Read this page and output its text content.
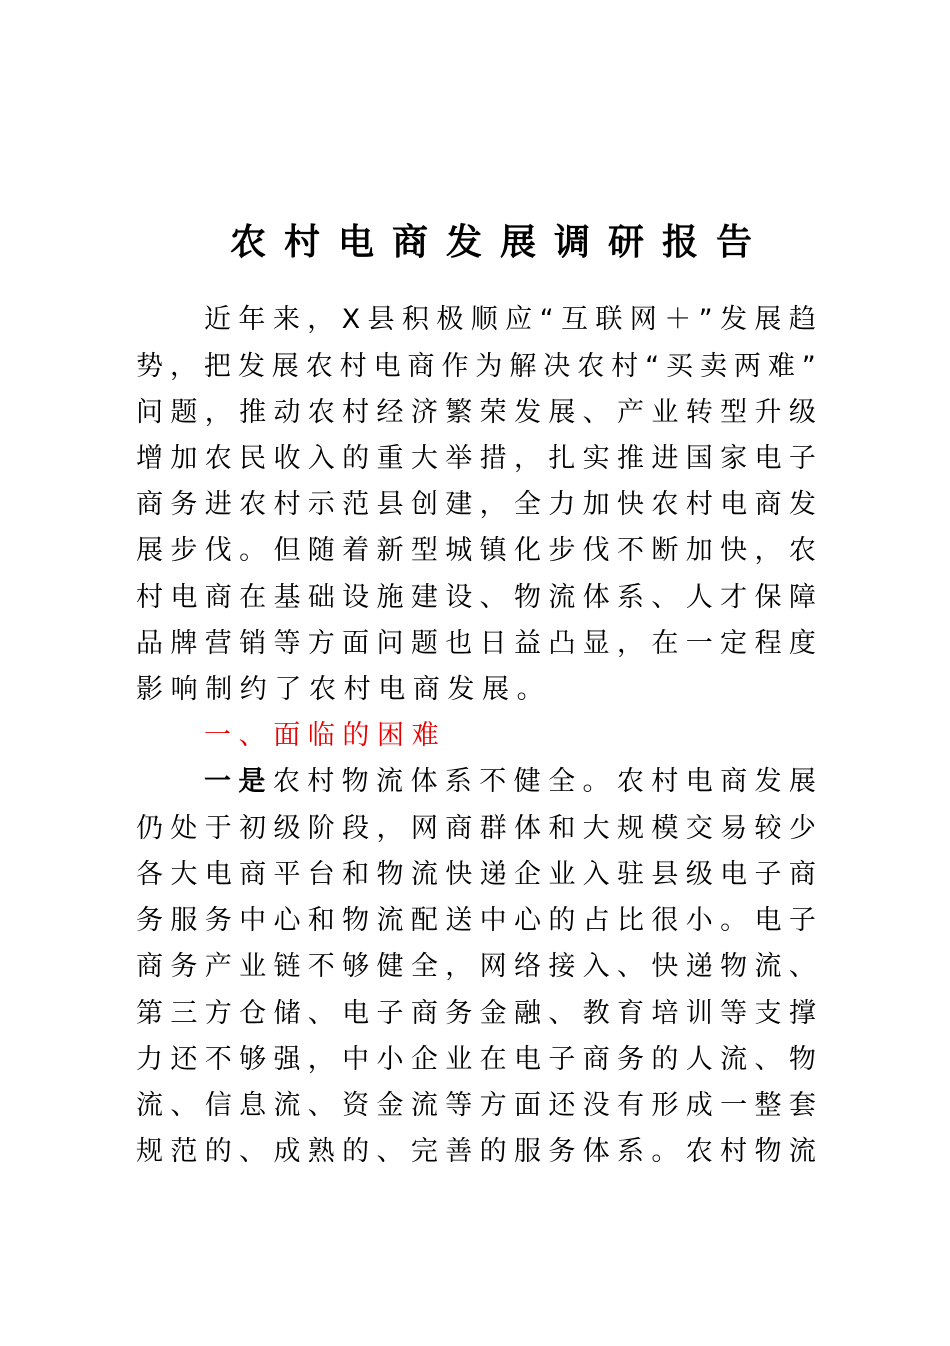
农村电商发展调研报告
近 年 来 ， X 县 积 极 顺 应 “ 互 联 网 ＋ ” 发 展 趋
势 ， 把 发 展 农 村 电 商 作 为 解 决 农 村 “ 买 卖 两 难 ”
问 题 ， 推 动 农 村 经 济 繁 荣 发 展 、 产 业 转 型 升 级
增 加 农 民 收 入 的 重 大 举 措 ， 扎 实 推 进 国 家 电 子
商 务 进 农 村 示 范 县 创 建 ， 全 力 加 快 农 村 电 商 发
展 步 伐 。 但 随 着 新 型 城 镇 化 步 伐 不 断 加 快 ， 农
村 电 商 在 基 础 设 施 建 设 、 物 流 体 系 、 人 才 保 障
品 牌 营 销 等 方 面 问 题 也 日 益 凸 显 ， 在 一 定 程 度
影响制约了农村电商发展。
一、面临的困难
一 是 农 村 物 流 体 系 不 健 全 。 农 村 电 商 发 展
仍 处 于 初 级 阶 段 ， 网 商 群 体 和 大 规 模 交 易 较 少
各 大 电 商 平 台 和 物 流 快 递 企 业 入 驻 县 级 电 子 商
务 服 务 中 心 和 物 流 配 送 中 心 的 占 比 很 小 。 电 子
商 务 产 业 链 不 够 健 全 ， 网 络 接 入 、 快 递 物 流 、
第 三 方 仓 储 、 电 子 商 务 金 融 、 教 育 培 训 等 支 撑
力 还 不 够 强 ， 中 小 企 业 在 电 子 商 务 的 人 流 、 物
流 、 信 息 流 、 资 金 流 等 方 面 还 没 有 形 成 一 整 套
规 范 的 、 成 熟 的 、 完 善 的 服 务 体 系 。 农 村 物 流
